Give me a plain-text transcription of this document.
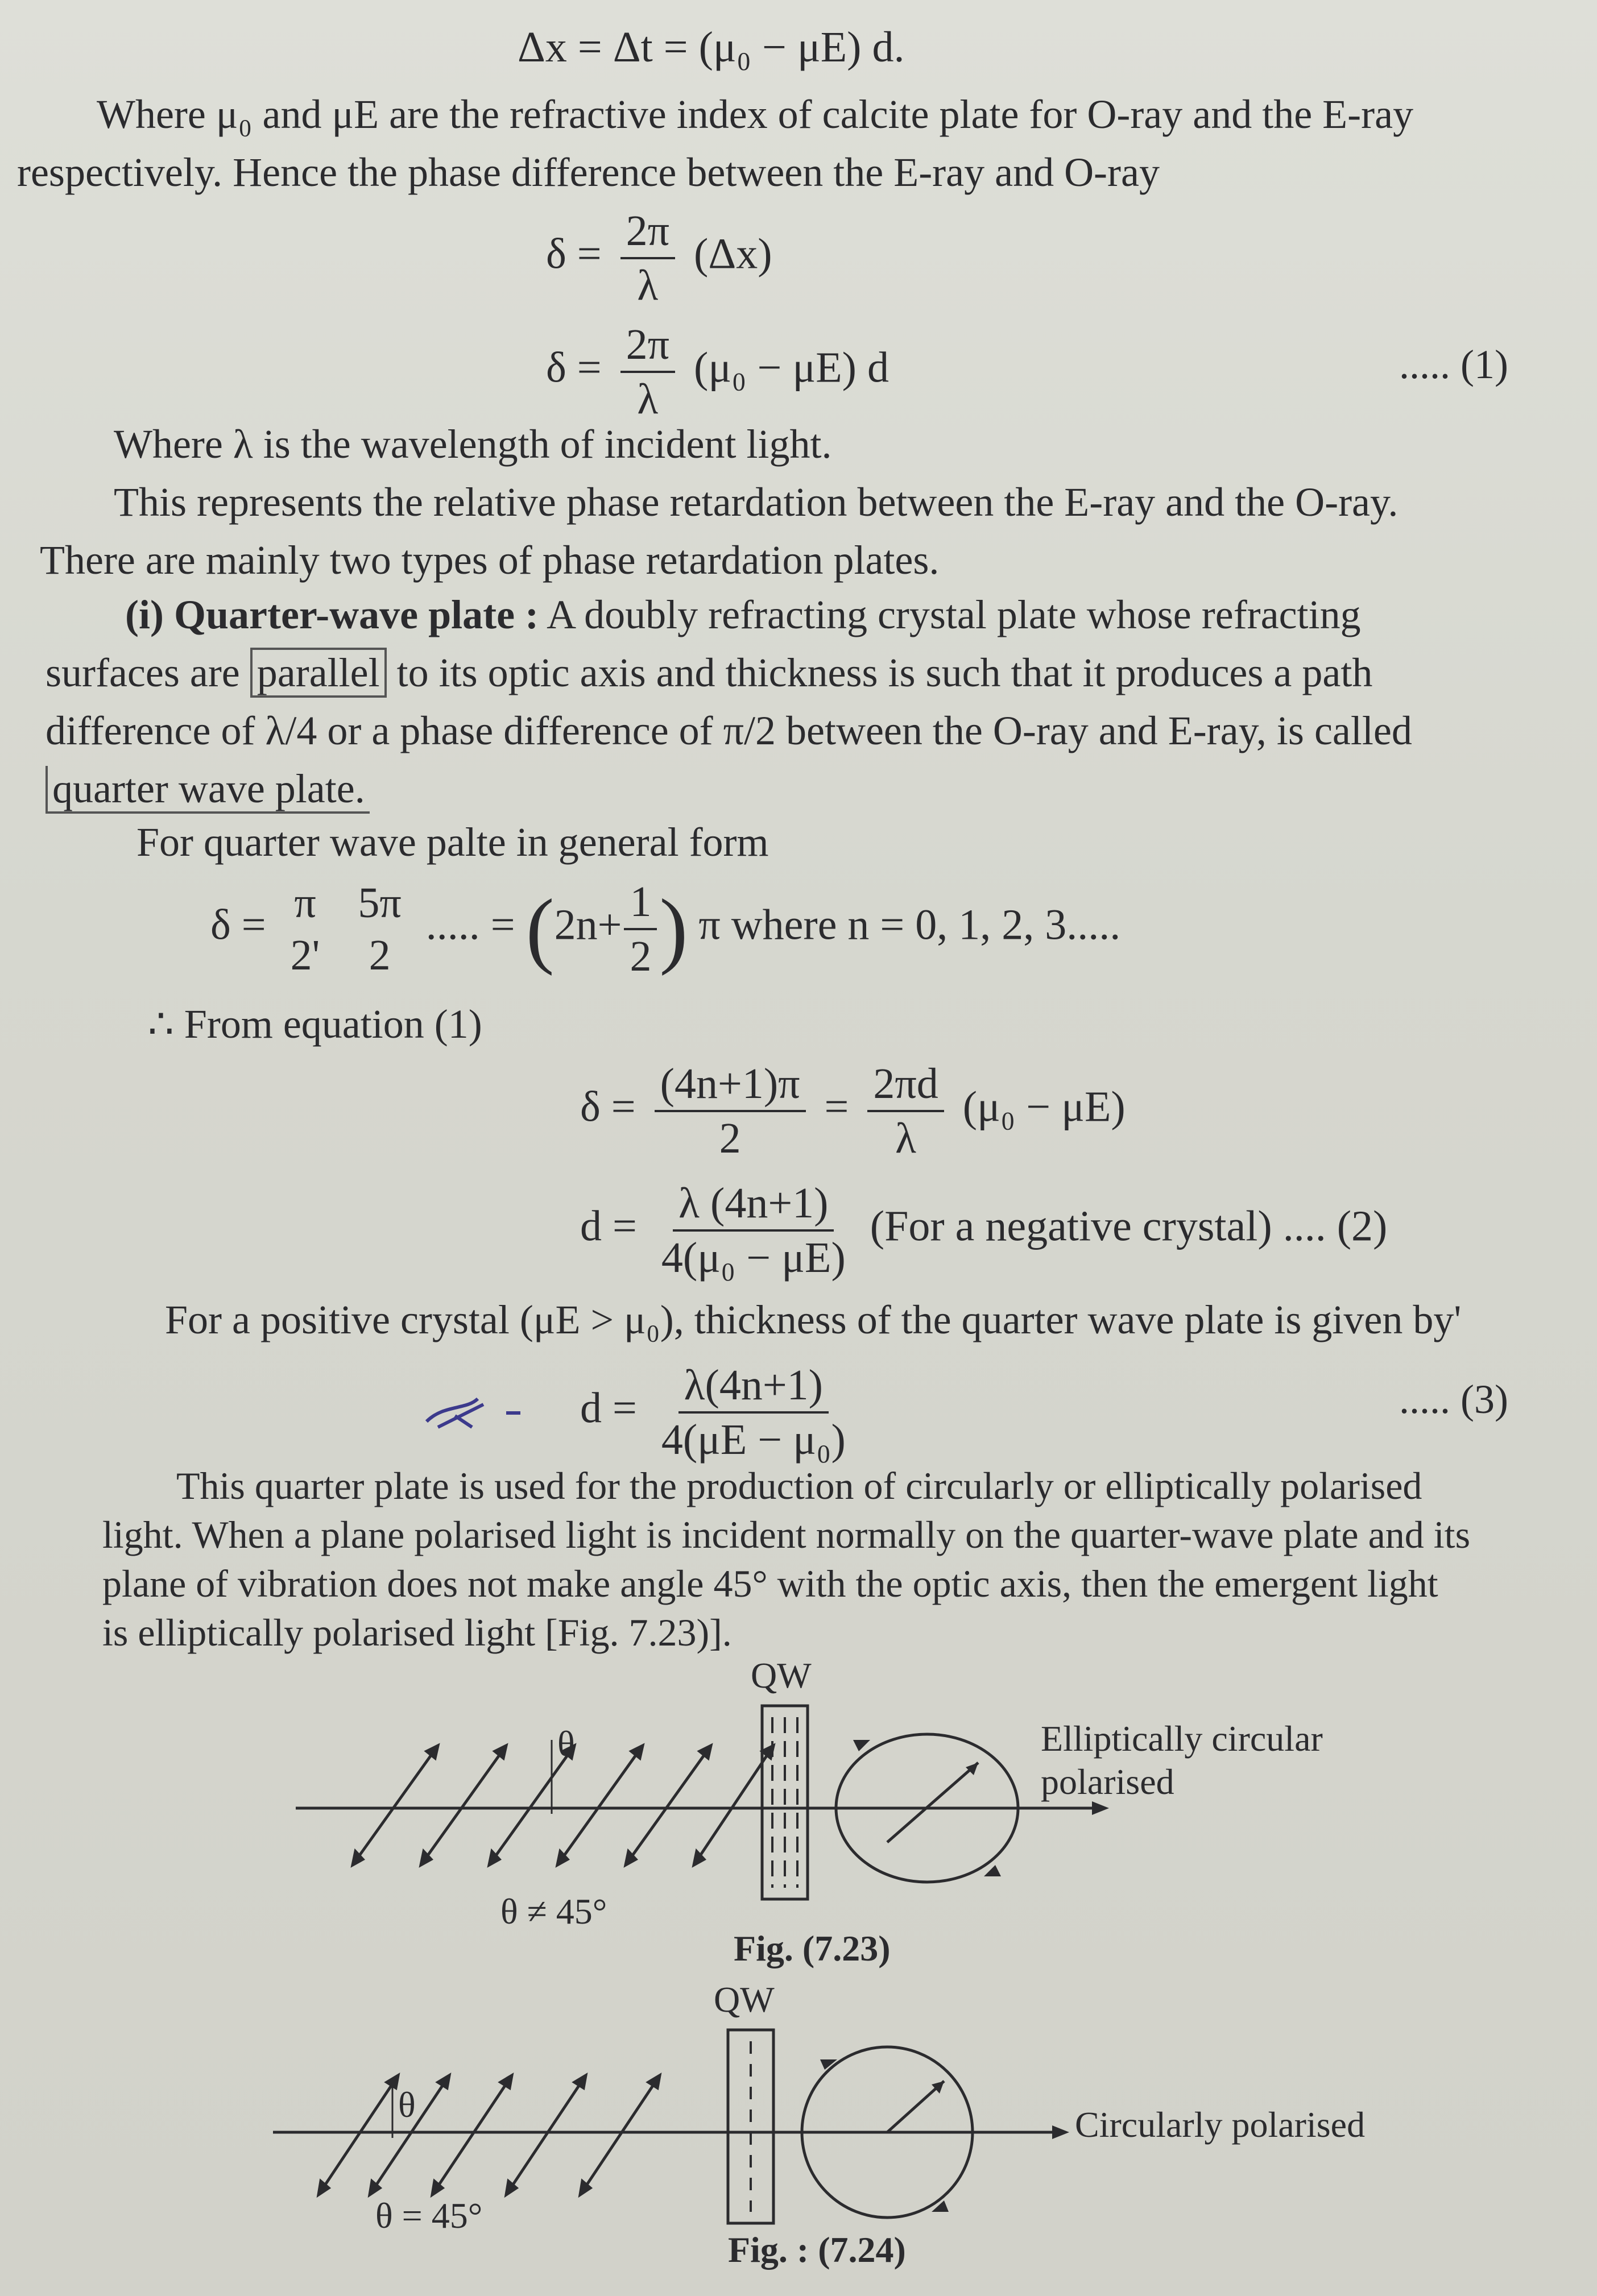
Δx = Δt = (μ₀ − μE) d.
Where μ₀ and μE are the refractive index of calcite plate for O-ray and the E-ray
respectively. Hence the phase difference between the E-ray and O-ray
$\delta = \frac{2\pi}{\lambda} (\Delta x)$
$\delta = \frac{2\pi}{\lambda} (\mu_0 - \mu E)$ d	..... (1)
Where λ is the wavelength of incident light.
This represents the relative phase retardation between the E-ray and the O-ray.
There are mainly two types of phase retardation plates.
(i) Quarter-wave plate : A doubly refracting crystal plate whose refracting
surfaces are parallel to its optic axis and thickness is such that it produces a path
difference of λ/4 or a phase difference of π/2 between the O-ray and E-ray, is called
quarter wave plate.
For quarter wave palte in general form
δ = π
2'

5π
2
..... = ($2n+ \frac{1}{2}$ ) π where n = 0, 1, 2, 3.....
∴ From equation (1)
$\delta = \frac{(4n+1)\pi}{2} = \frac{2\pi d}{\lambda} (\mu_0 - \mu E)$
$d = \frac{\lambda (4n+1)}{\text{4(μ₀ − μE)}} (For$ a negative crystal) .... (2)
For a positive crystal (μE > μ₀), thickness of the quarter wave plate is given by'
$d = \frac{\lambda(4n+1)}{\text{4(μE − μ₀)}}$	..... (3)
This quarter plate is used for the production of circularly or elliptically polarised
light. When a plane polarised light is incident normally on the quarter-wave plate and its
plane of vibration does not make angle 45° with the optic axis, then the emergent light
is elliptically polarised light [Fig. 7.23)].
QW
θ	Elliptically circular
polarised
θ ≠ 45°
Fig. (7.23)
QW
θ	Circularly polarised
θ = 45°
Fig. : (7.24)
